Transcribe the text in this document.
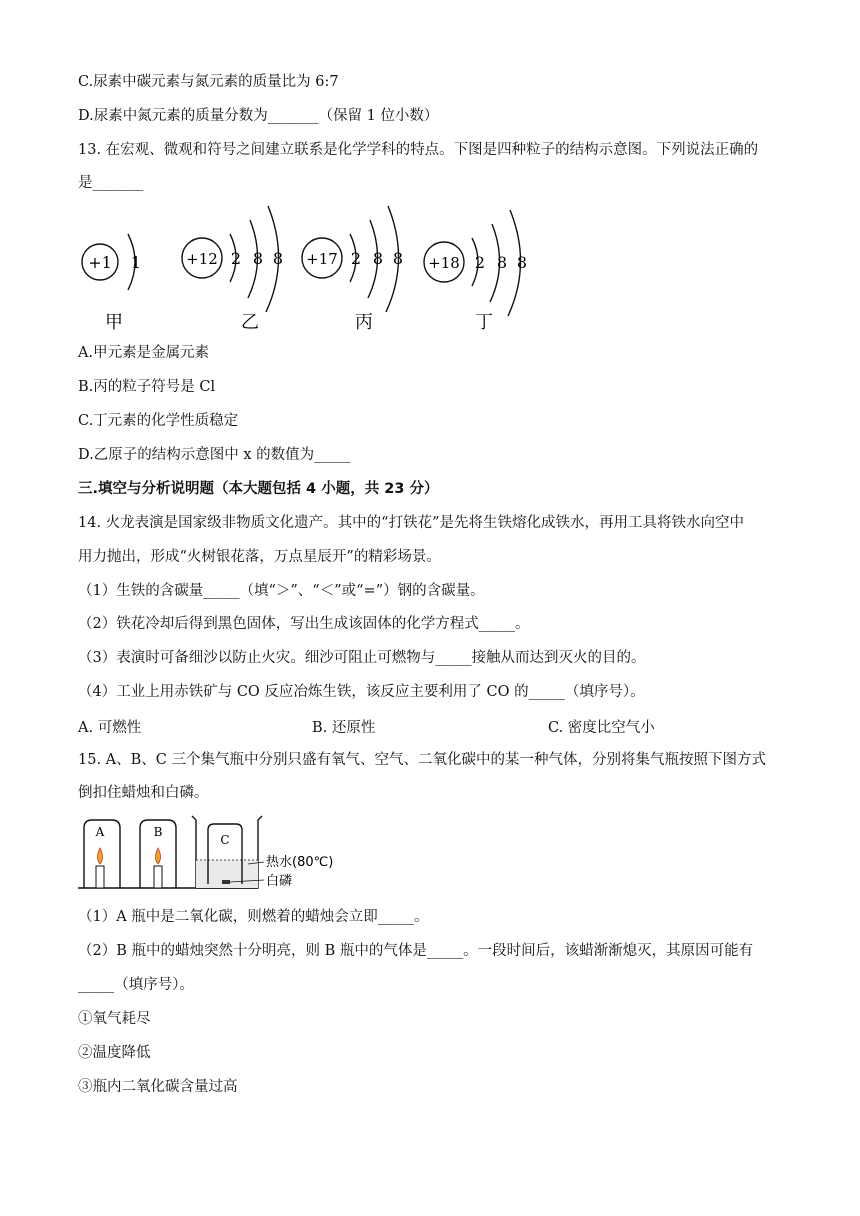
C.尿素中碳元素与氮元素的质量比为 6:7
D.尿素中氮元素的质量分数为_______（保留 1 位小数）
13. 在宏观、微观和符号之间建立联系是化学学科的特点。下图是四种粒子的结构示意图。下列说法正确的
是_______
+1 1
甲
+12 2 8 8
乙
+17 2 8 8
丙
+18 2 8 8
丁
A.甲元素是金属元素
B.丙的粒子符号是 Cl
C.丁元素的化学性质稳定
D.乙原子的结构示意图中 x 的数值为_____
三.填空与分析说明题（本大题包括 4 小题，共 23 分）
14. 火龙表演是国家级非物质文化遗产。其中的“打铁花”是先将生铁熔化成铁水，再用工具将铁水向空中
用力抛出，形成“火树银花落，万点星辰开”的精彩场景。
（1）生铁的含碳量_____（填“＞”、“＜”或“=”）钢的含碳量。
（2）铁花冷却后得到黑色固体，写出生成该固体的化学方程式_____。
（3）表演时可备细沙以防止火灾。细沙可阻止可燃物与_____接触从而达到灭火的目的。
（4）工业上用赤铁矿与 CO 反应冶炼生铁，该反应主要利用了 CO 的_____（填序号）。
A. 可燃性	B. 还原性	C. 密度比空气小
15. A、B、C 三个集气瓶中分别只盛有氧气、空气、二氧化碳中的某一种气体，分别将集气瓶按照下图方式
倒扣住蜡烛和白磷。
A	B
C
热水(80℃)
白磷
（1）A 瓶中是二氧化碳，则燃着的蜡烛会立即_____。
（2）B 瓶中的蜡烛突然十分明亮，则 B 瓶中的气体是_____。一段时间后，该蜡渐渐熄灭，其原因可能有
_____（填序号）。
①氧气耗尽
②温度降低
③瓶内二氧化碳含量过高
